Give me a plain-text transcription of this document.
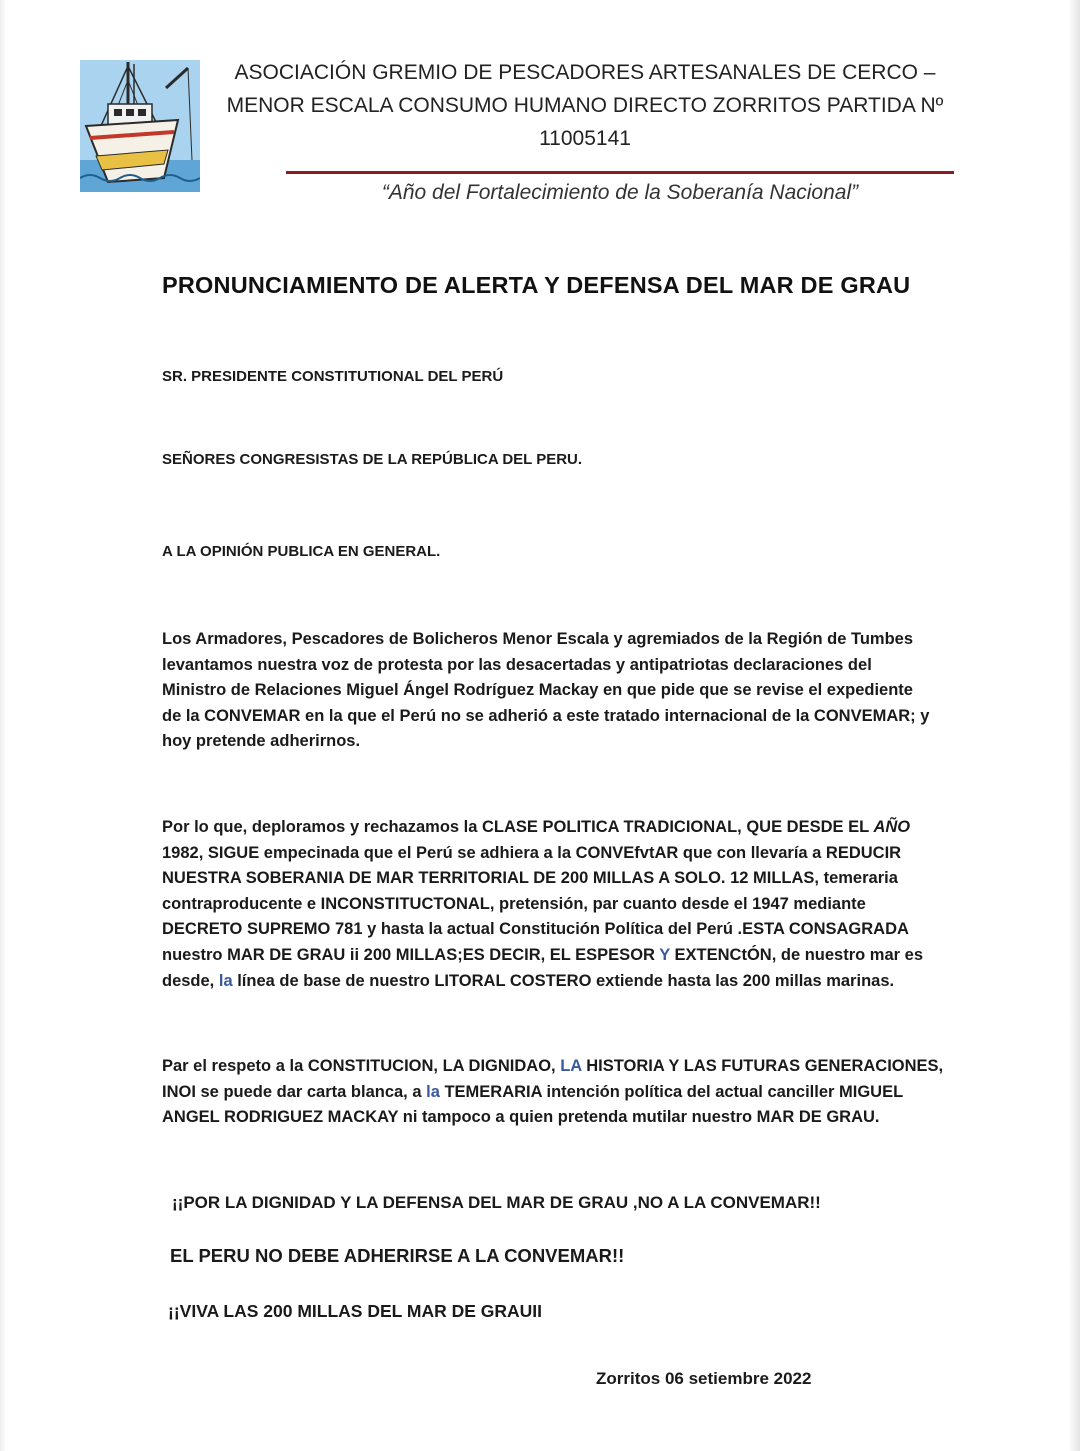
ASOCIACIÓN GREMIO DE PESCADORES ARTESANALES DE CERCO –
MENOR ESCALA CONSUMO HUMANO DIRECTO ZORRITOS PARTIDA Nº
11005141
“Año del Fortalecimiento de la Soberanía Nacional”
PRONUNCIAMIENTO DE ALERTA Y DEFENSA DEL MAR DE GRAU
SR. PRESIDENTE CONSTITUTIONAL DEL PERÚ
SEÑORES CONGRESISTAS DE LA REPÚBLICA DEL PERU.
A LA OPINIÓN PUBLICA EN GENERAL.
Los Armadores, Pescadores de Bolicheros Menor Escala y agremiados de la Región de Tumbes
levantamos nuestra voz de protesta por las desacertadas y antipatriotas declaraciones del
Ministro de Relaciones Miguel Ángel Rodríguez Mackay en que pide que se revise el expediente
de la CONVEMAR en la que el Perú no se adherió a este tratado internacional de la CONVEMAR; y
hoy pretende adherirnos.
Por lo que, deploramos y rechazamos la CLASE POLITICA TRADICIONAL, QUE DESDE EL AÑO
1982, SIGUE empecinada que el Perú se adhiera a la CONVEfvtAR que con llevaría a REDUCIR
NUESTRA SOBERANIA DE MAR TERRITORIAL DE 200 MILLAS A SOLO. 12 MILLAS, temeraria
contraproducente e INCONSTITUCTONAL, pretensión, par cuanto desde el 1947 mediante
DECRETO SUPREMO 781 y hasta la actual Constitución Política del Perú .ESTA CONSAGRADA
nuestro MAR DE GRAU ii 200 MILLAS;ES DECIR, EL ESPESOR Y EXTENCtÓN, de nuestro mar es
desde, la línea de base de nuestro LITORAL COSTERO extiende hasta las 200 millas marinas.
Par el respeto a la CONSTITUCION, LA DIGNIDAO, LA HISTORIA Y LAS FUTURAS GENERACIONES,
INOI se puede dar carta blanca, a la TEMERARIA intención política del actual canciller MIGUEL
ANGEL RODRIGUEZ MACKAY ni tampoco a quien pretenda mutilar nuestro MAR DE GRAU.
¡¡POR LA DIGNIDAD Y LA DEFENSA DEL MAR DE GRAU ,NO A LA CONVEMAR!!
EL PERU NO DEBE ADHERIRSE A LA CONVEMAR!!
¡¡VIVA LAS 200 MILLAS DEL MAR DE GRAUII
Zorritos 06 setiembre 2022
